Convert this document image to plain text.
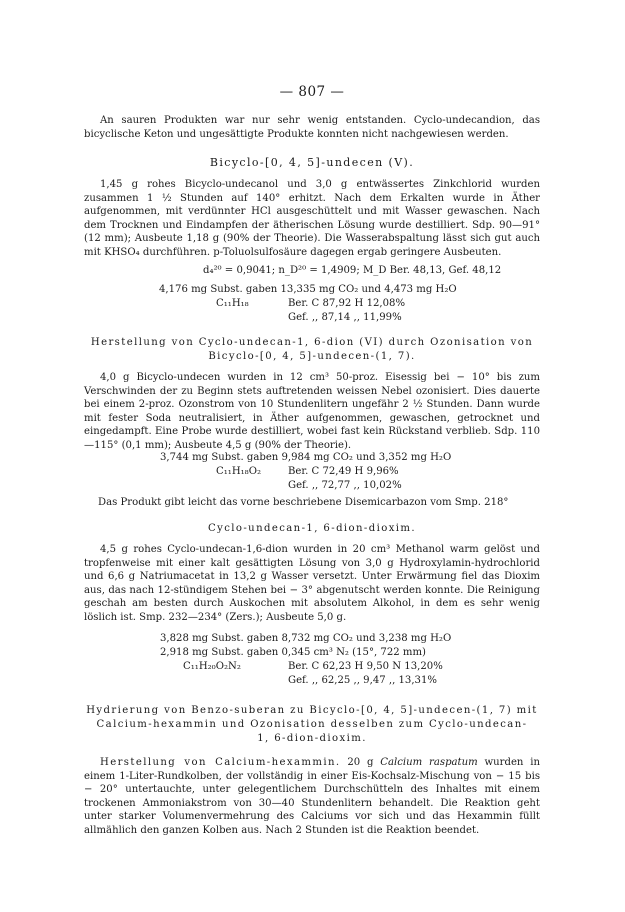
— 807 —

An sauren Produkten war nur sehr wenig entstanden. Cyclo-undecandion, das bicyclische Keton und ungesättigte Produkte konnten nicht nachgewiesen werden.

Bicyclo-[0, 4, 5]-undecen (V).

1,45 g rohes Bicyclo-undecanol und 3,0 g entwässertes Zinkchlorid wurden zusammen 1 ½ Stunden auf 140° erhitzt. Nach dem Erkalten wurde in Äther aufgenommen, mit verdünnter HCl ausgeschüttelt und mit Wasser gewaschen. Nach dem Trocknen und Eindampfen der ätherischen Lösung wurde destilliert. Sdp. 90—91° (12 mm); Ausbeute 1,18 g (90% der Theorie). Die Wasserabspaltung lässt sich gut auch mit KHSO₄ durchführen. p-Toluolsulfosäure dagegen ergab geringere Ausbeuten.

d₄²⁰ = 0,9041; n_D²⁰ = 1,4909; M_D Ber. 48,13, Gef. 48,12
4,176 mg Subst. gaben 13,335 mg CO₂ und 4,473 mg H₂O
C₁₁H₁₈	Ber. C 87,92 H 12,08%
Gef. ,, 87,14 ,, 11,99%
Herstellung von Cyclo-undecan-1, 6-dion (VI) durch Ozonisation von
Bicyclo-[0, 4, 5]-undecen-(1, 7).

4,0 g Bicyclo-undecen wurden in 12 cm³ 50-proz. Eisessig bei − 10° bis zum Verschwinden der zu Beginn stets auftretenden weissen Nebel ozonisiert. Dies dauerte bei einem 2-proz. Ozonstrom von 10 Stundenlitern ungefähr 2 ½ Stunden. Dann wurde mit fester Soda neutralisiert, in Äther aufgenommen, gewaschen, getrocknet und eingedampft. Eine Probe wurde destilliert, wobei fast kein Rückstand verblieb. Sdp. 110—115° (0,1 mm); Ausbeute 4,5 g (90% der Theorie).

3,744 mg Subst. gaben 9,984 mg CO₂ und 3,352 mg H₂O
C₁₁H₁₈O₂	Ber. C 72,49 H 9,96%
Gef. ,, 72,77 ,, 10,02%
Das Produkt gibt leicht das vorne beschriebene Disemicarbazon vom Smp. 218°
Cyclo-undecan-1, 6-dion-dioxim.

4,5 g rohes Cyclo-undecan-1,6-dion wurden in 20 cm³ Methanol warm gelöst und tropfenweise mit einer kalt gesättigten Lösung von 3,0 g Hydroxylamin-hydrochlorid und 6,6 g Natriumacetat in 13,2 g Wasser versetzt. Unter Erwärmung fiel das Dioxim aus, das nach 12-stündigem Stehen bei − 3° abgenutscht werden konnte. Die Reinigung geschah am besten durch Auskochen mit absolutem Alkohol, in dem es sehr wenig löslich ist. Smp. 232—234° (Zers.); Ausbeute 5,0 g.

3,828 mg Subst. gaben 8,732 mg CO₂ und 3,238 mg H₂O
2,918 mg Subst. gaben 0,345 cm³ N₂ (15°, 722 mm)
C₁₁H₂₀O₂N₂	Ber. C 62,23 H 9,50 N 13,20%
Gef. ,, 62,25 ,, 9,47 ,, 13,31%
Hydrierung von Benzo-suberan zu Bicyclo-[0, 4, 5]-undecen-(1, 7) mit
Calcium-hexammin und Ozonisation desselben zum Cyclo-undecan-
1, 6-dion-dioxim.

Herstellung von Calcium-hexammin. 20 g Calcium raspatum wurden in einem 1-Liter-Rundkolben, der vollständig in einer Eis-Kochsalz-Mischung von − 15 bis − 20° untertauchte, unter gelegentlichem Durchschütteln des Inhaltes mit einem trockenen Ammoniakstrom von 30—40 Stundenlitern behandelt. Die Reaktion geht unter starker Volumenvermehrung des Calciums vor sich und das Hexammin füllt allmählich den ganzen Kolben aus. Nach 2 Stunden ist die Reaktion beendet.
